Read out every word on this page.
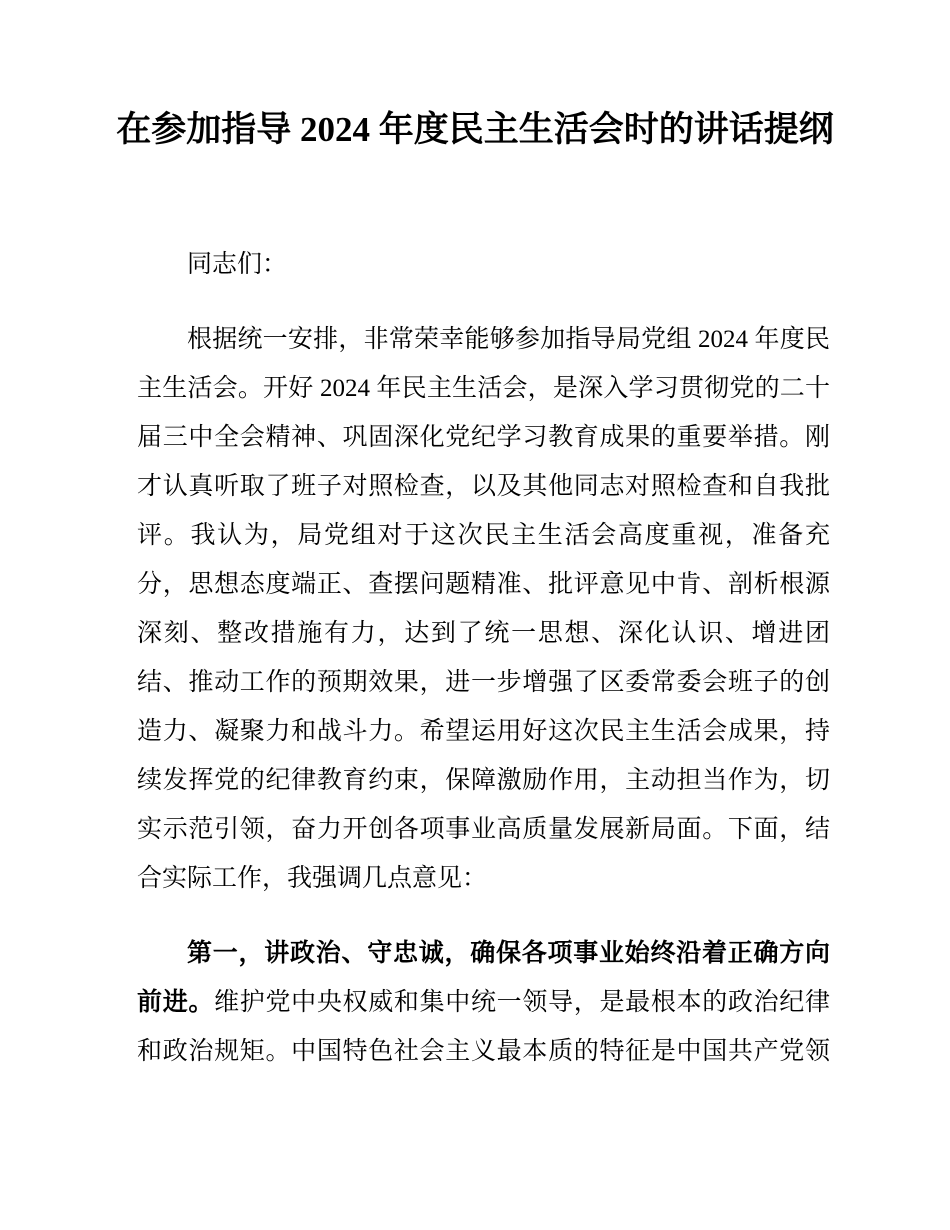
在参加指导 2024 年度民主生活会时的讲话提纲

同志们：

根据统一安排，非常荣幸能够参加指导局党组 2024 年度民主生活会。开好 2024 年民主生活会，是深入学习贯彻党的二十届三中全会精神、巩固深化党纪学习教育成果的重要举措。刚才认真听取了班子对照检查，以及其他同志对照检查和自我批评。我认为，局党组对于这次民主生活会高度重视，准备充分，思想态度端正、查摆问题精准、批评意见中肯、剖析根源深刻、整改措施有力，达到了统一思想、深化认识、增进团结、推动工作的预期效果，进一步增强了区委常委会班子的创造力、凝聚力和战斗力。希望运用好这次民主生活会成果，持续发挥党的纪律教育约束，保障激励作用，主动担当作为，切实示范引领，奋力开创各项事业高质量发展新局面。下面，结合实际工作，我强调几点意见：

第一，讲政治、守忠诚，确保各项事业始终沿着正确方向前进。维护党中央权威和集中统一领导，是最根本的政治纪律和政治规矩。中国特色社会主义最本质的特征是中国共产党领
